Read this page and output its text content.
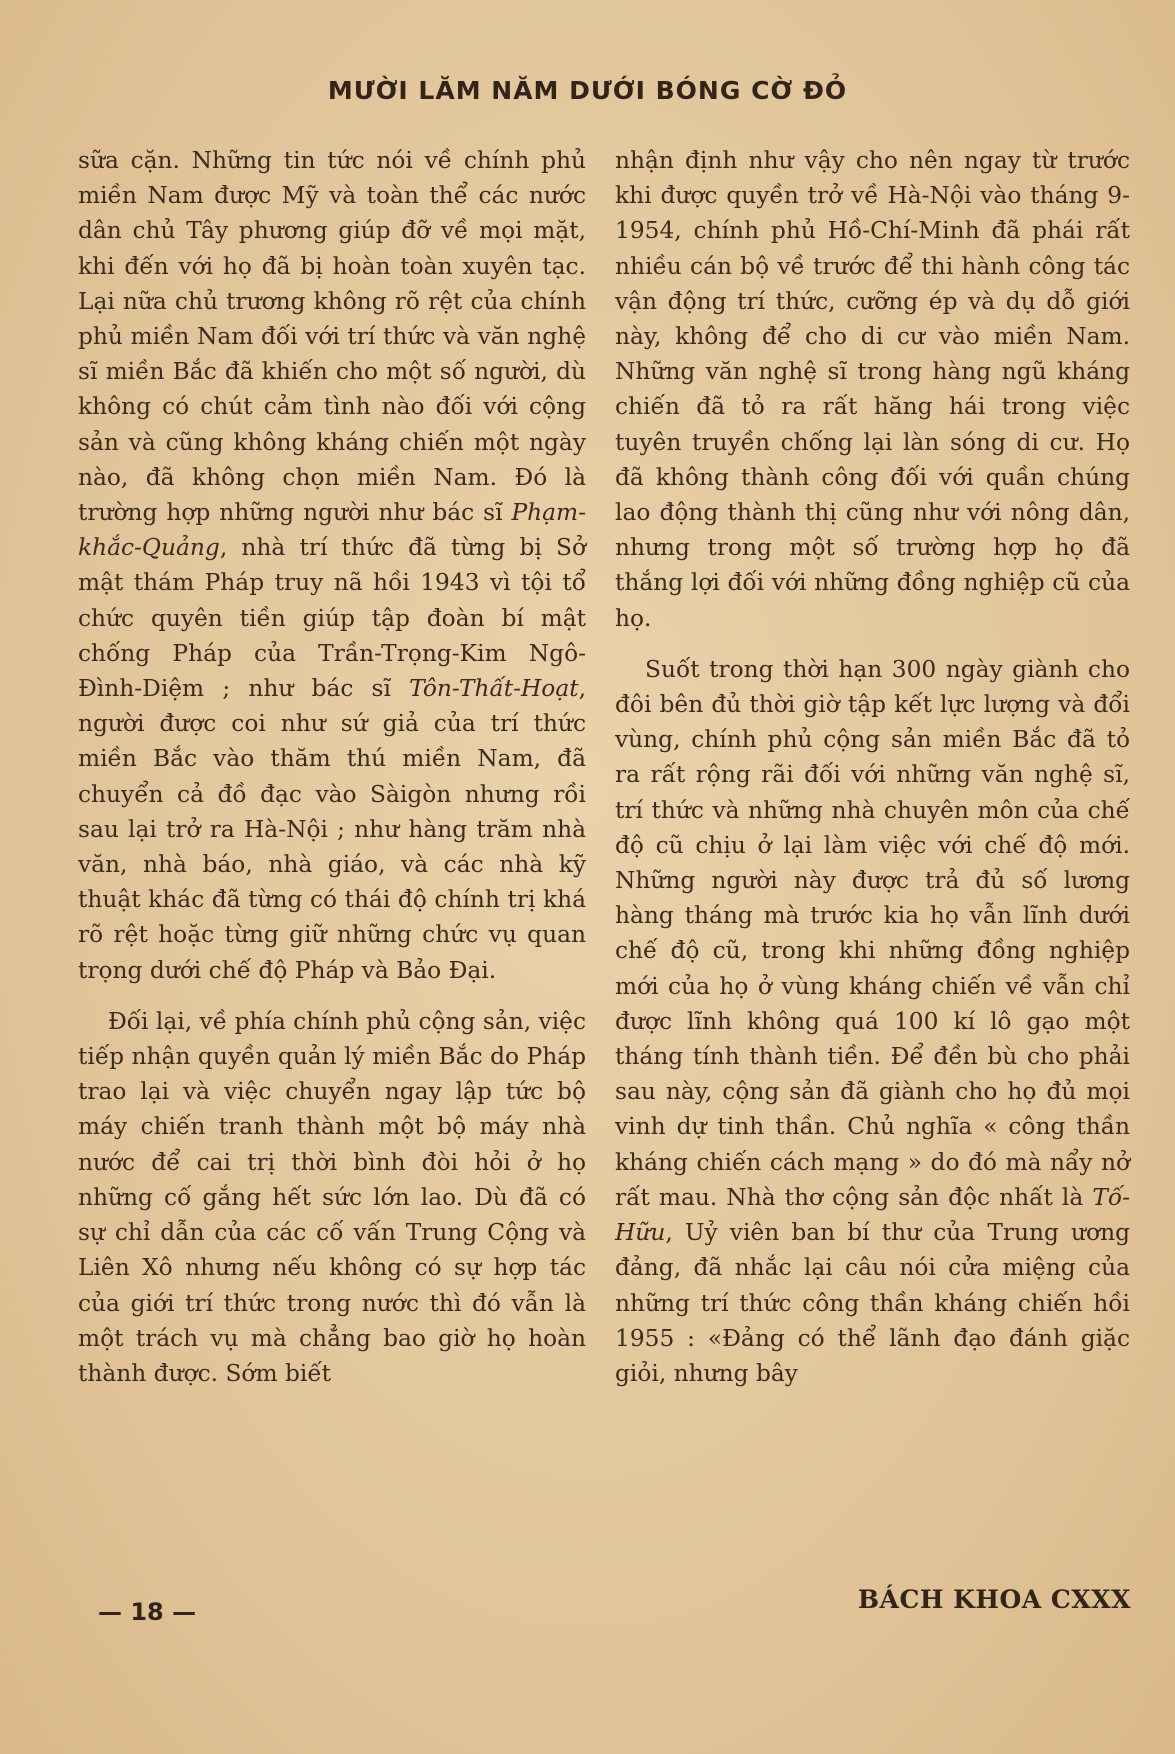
MƯỜI LĂM NĂM DƯỚI BÓNG CỜ ĐỎ

sữa cặn. Những tin tức nói về chính phủ miền Nam được Mỹ và toàn thể các nước dân chủ Tây phương giúp đỡ về mọi mặt, khi đến với họ đã bị hoàn toàn xuyên tạc. Lại nữa chủ trương không rõ rệt của chính phủ miền Nam đối với trí thức và văn nghệ sĩ miền Bắc đã khiến cho một số người, dù không có chút cảm tình nào đối với cộng sản và cũng không kháng chiến một ngày nào, đã không chọn miền Nam. Đó là trường hợp những người như bác sĩ Phạm-khắc-Quảng, nhà trí thức đã từng bị Sở mật thám Pháp truy nã hồi 1943 vì tội tổ chức quyên tiền giúp tập đoàn bí mật chống Pháp của Trần-Trọng-Kim Ngô-Đình-Diệm ; như bác sĩ Tôn-Thất-Hoạt, người được coi như sứ giả của trí thức miền Bắc vào thăm thú miền Nam, đã chuyển cả đồ đạc vào Sàigòn nhưng rồi sau lại trở ra Hà-Nội ; như hàng trăm nhà văn, nhà báo, nhà giáo, và các nhà kỹ thuật khác đã từng có thái độ chính trị khá rõ rệt hoặc từng giữ những chức vụ quan trọng dưới chế độ Pháp và Bảo Đại.

Đối lại, về phía chính phủ cộng sản, việc tiếp nhận quyền quản lý miền Bắc do Pháp trao lại và việc chuyển ngay lập tức bộ máy chiến tranh thành một bộ máy nhà nước để cai trị thời bình đòi hỏi ở họ những cố gắng hết sức lớn lao. Dù đã có sự chỉ dẫn của các cố vấn Trung Cộng và Liên Xô nhưng nếu không có sự hợp tác của giới trí thức trong nước thì đó vẫn là một trách vụ mà chẳng bao giờ họ hoàn thành được. Sớm biết

nhận định như vậy cho nên ngay từ trước khi được quyền trở về Hà-Nội vào tháng 9-1954, chính phủ Hồ-Chí-Minh đã phái rất nhiều cán bộ về trước để thi hành công tác vận động trí thức, cưỡng ép và dụ dỗ giới này, không để cho di cư vào miền Nam. Những văn nghệ sĩ trong hàng ngũ kháng chiến đã tỏ ra rất hăng hái trong việc tuyên truyền chống lại làn sóng di cư. Họ đã không thành công đối với quần chúng lao động thành thị cũng như với nông dân, nhưng trong một số trường hợp họ đã thắng lợi đối với những đồng nghiệp cũ của họ.

Suốt trong thời hạn 300 ngày giành cho đôi bên đủ thời giờ tập kết lực lượng và đổi vùng, chính phủ cộng sản miền Bắc đã tỏ ra rất rộng rãi đối với những văn nghệ sĩ, trí thức và những nhà chuyên môn của chế độ cũ chịu ở lại làm việc với chế độ mới. Những người này được trả đủ số lương hàng tháng mà trước kia họ vẫn lĩnh dưới chế độ cũ, trong khi những đồng nghiệp mới của họ ở vùng kháng chiến về vẫn chỉ được lĩnh không quá 100 kí lô gạo một tháng tính thành tiền. Để đền bù cho phải sau này, cộng sản đã giành cho họ đủ mọi vinh dự tinh thần. Chủ nghĩa « công thần kháng chiến cách mạng » do đó mà nẩy nở rất mau. Nhà thơ cộng sản độc nhất là Tố-Hữu, Uỷ viên ban bí thư của Trung ương đảng, đã nhắc lại câu nói cửa miệng của những trí thức công thần kháng chiến hồi 1955 : «Đảng có thể lãnh đạo đánh giặc giỏi, nhưng bây

— 18 —	BÁCH KHOA CXXX
